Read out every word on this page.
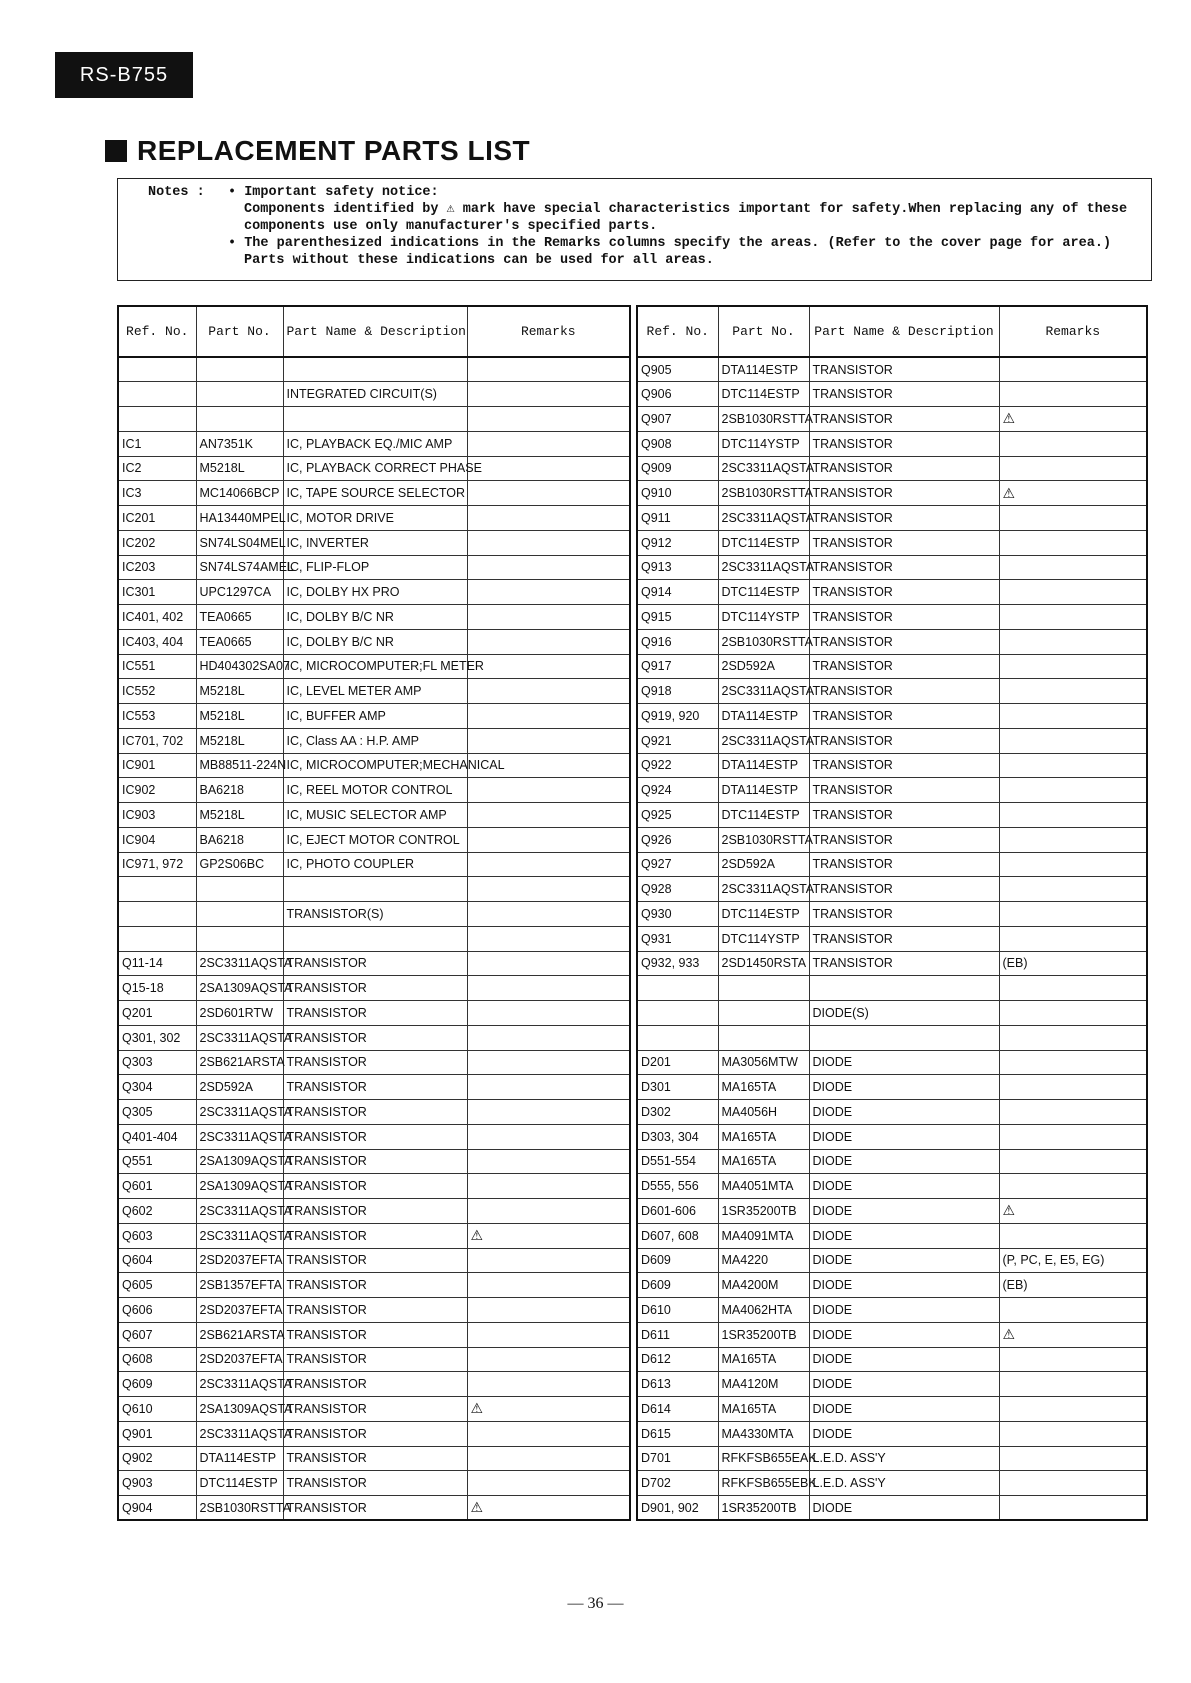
RS-B755
REPLACEMENT PARTS LIST
Notes :	• Important safety notice:
Components identified by ⚠ mark have special characteristics important for safety.When replacing any of these
components use only manufacturer's specified parts.
• The parenthesized indications in the Remarks columns specify the areas. (Refer to the cover page for area.)
Parts without these indications can be used for all areas.
Ref. No.	Part No.	Part Name & Description	Remarks

		INTEGRATED CIRCUIT(S)	

IC1	AN7351K	IC, PLAYBACK EQ./MIC AMP	
IC2	M5218L	IC, PLAYBACK CORRECT PHASE	
IC3	MC14066BCP	IC, TAPE SOURCE SELECTOR	
IC201	HA13440MPEL	IC, MOTOR DRIVE	
IC202	SN74LS04MEL	IC, INVERTER	
IC203	SN74LS74AMEL	IC, FLIP-FLOP	
IC301	UPC1297CA	IC, DOLBY HX PRO	
IC401, 402	TEA0665	IC, DOLBY B/C NR	
IC403, 404	TEA0665	IC, DOLBY B/C NR	
IC551	HD404302SA07	IC, MICROCOMPUTER;FL METER	
IC552	M5218L	IC, LEVEL METER AMP	
IC553	M5218L	IC, BUFFER AMP	
IC701, 702	M5218L	IC, Class AA : H.P. AMP	
IC901	MB88511-224N	IC, MICROCOMPUTER;MECHANICAL	
IC902	BA6218	IC, REEL MOTOR CONTROL	
IC903	M5218L	IC, MUSIC SELECTOR AMP	
IC904	BA6218	IC, EJECT MOTOR CONTROL	
IC971, 972	GP2S06BC	IC, PHOTO COUPLER	

		TRANSISTOR(S)	

Q11-14	2SC3311AQSTA	TRANSISTOR	
Q15-18	2SA1309AQSTA	TRANSISTOR	
Q201	2SD601RTW	TRANSISTOR	
Q301, 302	2SC3311AQSTA	TRANSISTOR	
Q303	2SB621ARSTA	TRANSISTOR	
Q304	2SD592A	TRANSISTOR	
Q305	2SC3311AQSTA	TRANSISTOR	
Q401-404	2SC3311AQSTA	TRANSISTOR	
Q551	2SA1309AQSTA	TRANSISTOR	
Q601	2SA1309AQSTA	TRANSISTOR	
Q602	2SC3311AQSTA	TRANSISTOR	
Q603	2SC3311AQSTA	TRANSISTOR	⚠
Q604	2SD2037EFTA	TRANSISTOR	
Q605	2SB1357EFTA	TRANSISTOR	
Q606	2SD2037EFTA	TRANSISTOR	
Q607	2SB621ARSTA	TRANSISTOR	
Q608	2SD2037EFTA	TRANSISTOR	
Q609	2SC3311AQSTA	TRANSISTOR	
Q610	2SA1309AQSTA	TRANSISTOR	⚠
Q901	2SC3311AQSTA	TRANSISTOR	
Q902	DTA114ESTP	TRANSISTOR	
Q903	DTC114ESTP	TRANSISTOR	
Q904	2SB1030RSTTA	TRANSISTOR	⚠
Ref. No.	Part No.	Part Name & Description	Remarks
Q905	DTA114ESTP	TRANSISTOR	
Q906	DTC114ESTP	TRANSISTOR	
Q907	2SB1030RSTTA	TRANSISTOR	⚠
Q908	DTC114YSTP	TRANSISTOR	
Q909	2SC3311AQSTA	TRANSISTOR	
Q910	2SB1030RSTTA	TRANSISTOR	⚠
Q911	2SC3311AQSTA	TRANSISTOR	
Q912	DTC114ESTP	TRANSISTOR	
Q913	2SC3311AQSTA	TRANSISTOR	
Q914	DTC114ESTP	TRANSISTOR	
Q915	DTC114YSTP	TRANSISTOR	
Q916	2SB1030RSTTA	TRANSISTOR	
Q917	2SD592A	TRANSISTOR	
Q918	2SC3311AQSTA	TRANSISTOR	
Q919, 920	DTA114ESTP	TRANSISTOR	
Q921	2SC3311AQSTA	TRANSISTOR	
Q922	DTA114ESTP	TRANSISTOR	
Q924	DTA114ESTP	TRANSISTOR	
Q925	DTC114ESTP	TRANSISTOR	
Q926	2SB1030RSTTA	TRANSISTOR	
Q927	2SD592A	TRANSISTOR	
Q928	2SC3311AQSTA	TRANSISTOR	
Q930	DTC114ESTP	TRANSISTOR	
Q931	DTC114YSTP	TRANSISTOR	
Q932, 933	2SD1450RSTA	TRANSISTOR	(EB)

		DIODE(S)	

D201	MA3056MTW	DIODE	
D301	MA165TA	DIODE	
D302	MA4056H	DIODE	
D303, 304	MA165TA	DIODE	
D551-554	MA165TA	DIODE	
D555, 556	MA4051MTA	DIODE	
D601-606	1SR35200TB	DIODE	⚠
D607, 608	MA4091MTA	DIODE	
D609	MA4220	DIODE	(P, PC, E, E5, EG)
D609	MA4200M	DIODE	(EB)
D610	MA4062HTA	DIODE	
D611	1SR35200TB	DIODE	⚠
D612	MA165TA	DIODE	
D613	MA4120M	DIODE	
D614	MA165TA	DIODE	
D615	MA4330MTA	DIODE	
D701	RFKFSB655EAK	L.E.D. ASS'Y	
D702	RFKFSB655EBK	L.E.D. ASS'Y	
D901, 902	1SR35200TB	DIODE	
— 36 —
